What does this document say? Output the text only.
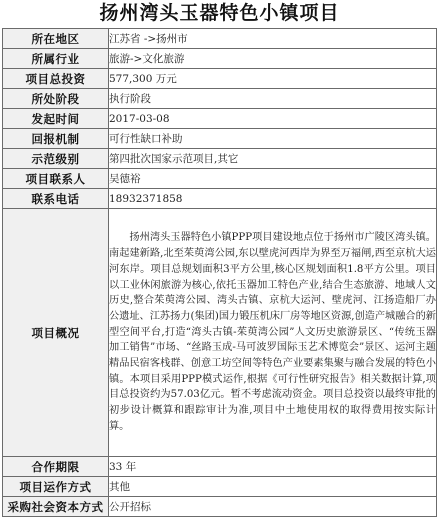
扬州湾头玉器特色小镇项目
所在地区	江苏省 ->扬州市
所属行业	旅游->文化旅游
项目总投资	577,300 万元
所处阶段	执行阶段
发起时间	2017-03-08
回报机制	可行性缺口补助
示范级别	第四批次国家示范项目,其它
项目联系人	吴德裕
联系电话	18932371858
项目概况	扬州湾头玉器特色小镇PPP项目建设地点位于扬州市广陵区湾头镇。南起建新路,北至茱萸湾公园,东以壁虎河西岸为界至万福闸,西至京杭大运河东岸。项目总规划面积3平方公里,核心区规划面积1.8平方公里。项目以工业休闲旅游为核心,依托玉器加工特色产业,结合生态旅游、地域人文历史,整合茱萸湾公园、湾头古镇、京杭大运河、壁虎河、江扬造船厂办公遗址、江苏扬力(集团)国力锻压机床厂房等地区资源,创造产城融合的新型空间平台,打造“湾头古镇-茱萸湾公园”人文历史旅游景区、“传统玉器加工销售”市场、“丝路玉成-马可波罗国际玉艺术博览会”景区、运河主题精品民宿客栈群、创意工坊空间等特色产业要素集聚与融合发展的特色小镇。本项目采用PPP模式运作,根据《可行性研究报告》相关数据计算,项目总投资约为57.03亿元。暂不考虑流动资金。项目总投资以最终审批的初步设计概算和跟踪审计为准,项目中土地使用权的取得费用按实际计算。
合作期限	33 年
项目运作方式	其他
采购社会资本方式	公开招标
